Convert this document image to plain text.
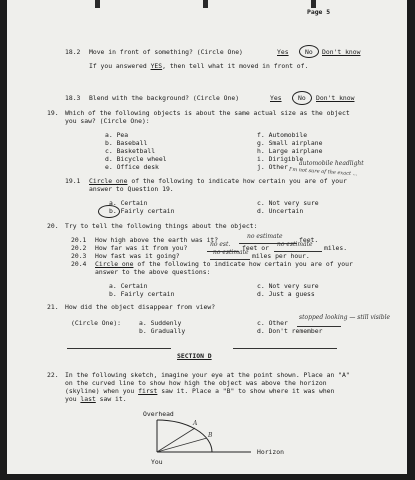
Page 5
18.2 Move in front of something? (Circle One)	Yes	No Don't know
If you answered YES, then tell what it moved in front of.
18.3 Blend with the background? (Circle One)	Yes	No Don't know
19. Which of the following objects is about the same actual size as the object
you saw? (Circle One):
a. Pea
b. Baseball
c. Basketball
d. Bicycle wheel
e. Office desk
f. Automobile
g. Small airplane
h. Large airplane
i. Dirigible
j. Other automobile headlight
I'm not sure of the exact ...
19.1 Circle one of the following to indicate how certain you are of your
answer to Question 19.
a. Certain
b. Fairly certain
c. Not very sure
d. Uncertain
20. Try to tell the following things about the object:
20.1 How high above the earth was it?	no estimate	feet.
20.2 How far was it from you?	no est. feet or no estimate miles.
20.3 How fast was it going?	no estimate miles per hour.
20.4 Circle one of the following to indicate how certain you are of your
answer to the above questions:
a. Certain
b. Fairly certain
c. Not very sure
d. Just a guess
21. How did the object disappear from view?
(Circle One):	a. Suddenly
b. Gradually
c. Other
stopped looking — still visible
d. Don't remember
SECTION D
22. In the following sketch, imagine your eye at the point shown. Place an "A"
on the curved line to show how high the object was above the horizon
(skyline) when you first saw it. Place a "B" to show where it was when
you last saw it.
Overhead
Horizon
You
A
B
